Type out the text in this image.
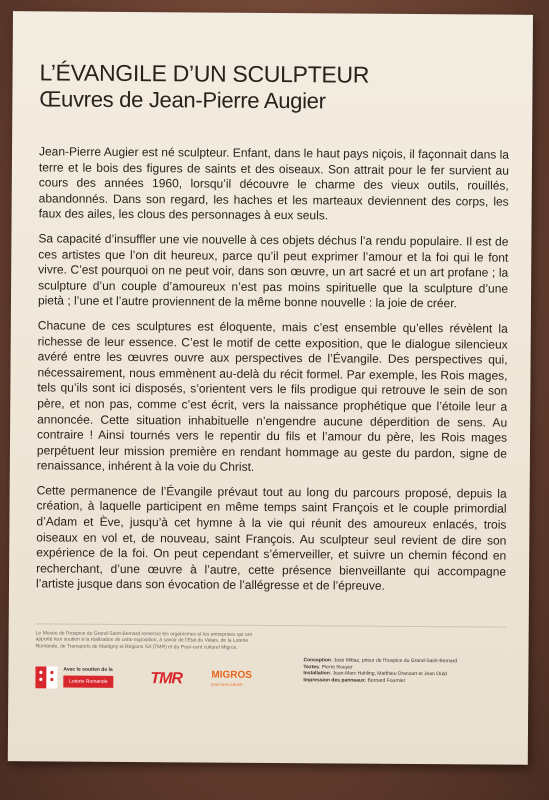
L’ÉVANGILE D’UN SCULPTEUR
Œuvres de Jean-Pierre Augier

Jean-Pierre Augier est né sculpteur. Enfant, dans le haut pays niçois, il façonnait dans la terre et le bois des figures de saints et des oiseaux. Son attrait pour le fer survient au cours des années 1960, lorsqu’il découvre le charme des vieux outils, rouillés, abandonnés. Dans son regard, les haches et les marteaux deviennent des corps, les faux des ailes, les clous des personnages à eux seuls.

Sa capacité d’insuffler une vie nouvelle à ces objets déchus l’a rendu populaire. Il est de ces artistes que l’on dit heureux, parce qu’il peut exprimer l’amour et la foi qui le font vivre. C’est pourquoi on ne peut voir, dans son œuvre, un art sacré et un art profane ; la sculpture d’un couple d’amoureux n’est pas moins spirituelle que la sculpture d’une pietà ; l’une et l’autre proviennent de la même bonne nouvelle : la joie de créer.

Chacune de ces sculptures est éloquente, mais c’est ensemble qu’elles révèlent la richesse de leur essence. C’est le motif de cette exposition, que le dialogue silencieux avéré entre les œuvres ouvre aux perspectives de l’Évangile. Des perspectives qui, nécessairement, nous emmènent au-delà du récit formel. Par exemple, les Rois mages, tels qu’ils sont ici disposés, s’orientent vers le fils prodigue qui retrouve le sein de son père, et non pas, comme c’est écrit, vers la naissance prophétique que l’étoile leur a annoncée. Cette situation inhabituelle n’engendre aucune déperdition de sens. Au contraire ! Ainsi tournés vers le repentir du fils et l’amour du père, les Rois mages perpétuent leur mission première en rendant hommage au geste du pardon, signe de renaissance, inhérent à la voie du Christ.

Cette permanence de l’Évangile prévaut tout au long du parcours proposé, depuis la création, à laquelle participent en même temps saint François et le couple primordial d’Adam et Ève, jusqu’à cet hymne à la vie qui réunit des amoureux enlacés, trois oiseaux en vol et, de nouveau, saint François. Au sculpteur seul revient de dire son expérience de la foi. On peut cependant s’émerveiller, et suivre un chemin fécond en recherchant, d’une œuvre à l’autre, cette présence bienveillante qui accompagne l’artiste jusque dans son évocation de l’allégresse et de l’épreuve.

Le Musée de l’hospice du Grand-Saint-Bernard remercie les organismes et les entreprises qui ont apporté leur soutien à la réalisation de cette exposition, à savoir de l’État du Valais, de la Loterie Romande, de Transports de Martigny et Régions SA (TMR) et du Pour-cent culturel Migros.
Avec le soutien de la
Loterie Romande	TMR	MIGROS
pour-cent culturel
Conception: José Mittaz, prieur de l’hospice du Grand-Saint-Bernard
Textes: Pierre Rouyer
Installation: Jean-Marc Hahling, Matthieu Dransart et Jean Ould
Impression des panneaux: Bernard Fournier
